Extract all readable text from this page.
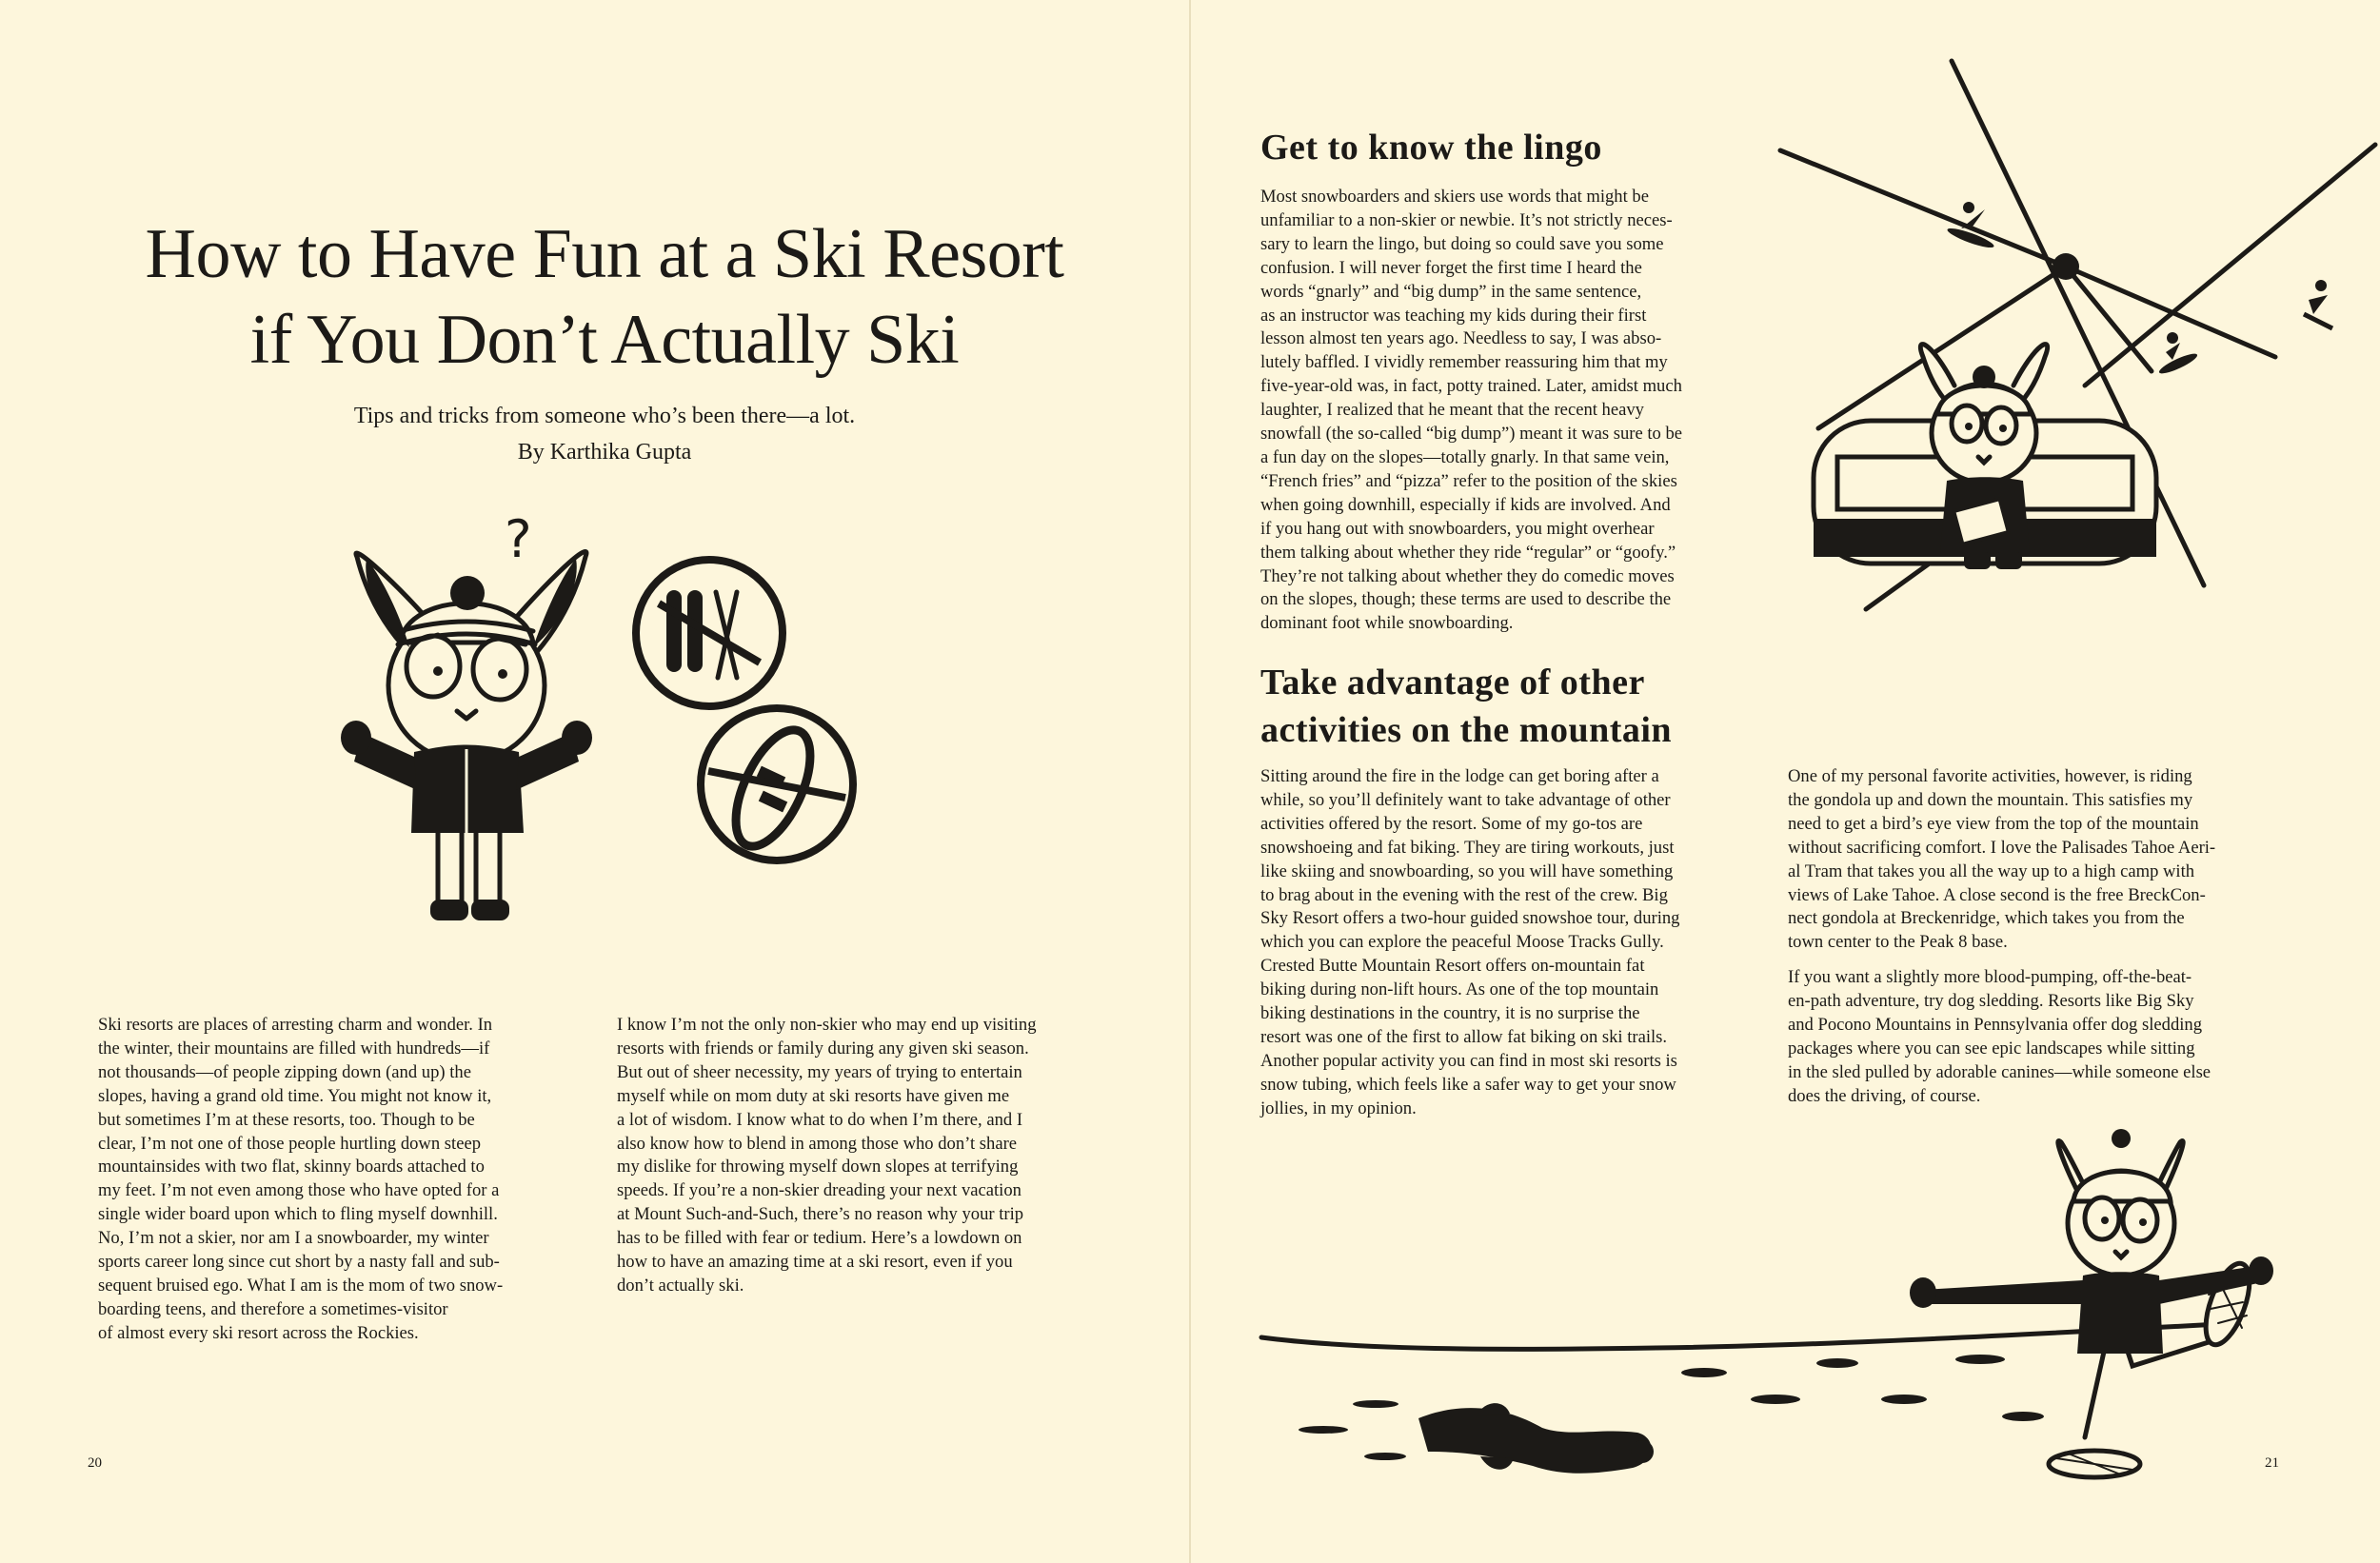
How to Have Fun at a Ski Resort
if You Don’t Actually Ski

Tips and tricks from someone who’s been there—a lot.

By Karthika Gupta

?

Ski resorts are places of arresting charm and wonder. In
the winter, their mountains are filled with hundreds—if
not thousands—of people zipping down (and up) the
slopes, having a grand old time. You might not know it,
but sometimes I’m at these resorts, too. Though to be
clear, I’m not one of those people hurtling down steep
mountainsides with two flat, skinny boards attached to
my feet. I’m not even among those who have opted for a
single wider board upon which to fling myself downhill.
No, I’m not a skier, nor am I a snowboarder, my winter
sports career long since cut short by a nasty fall and sub-
sequent bruised ego. What I am is the mom of two snow-
boarding teens, and therefore a sometimes-visitor
of almost every ski resort across the Rockies.

I know I’m not the only non-skier who may end up visiting
resorts with friends or family during any given ski season.
But out of sheer necessity, my years of trying to entertain
myself while on mom duty at ski resorts have given me
a lot of wisdom. I know what to do when I’m there, and I
also know how to blend in among those who don’t share
my dislike for throwing myself down slopes at terrifying
speeds. If you’re a non-skier dreading your next vacation
at Mount Such-and-Such, there’s no reason why your trip
has to be filled with fear or tedium. Here’s a lowdown on
how to have an amazing time at a ski resort, even if you
don’t actually ski.

20

Get to know the lingo

Most snowboarders and skiers use words that might be
unfamiliar to a non-skier or newbie. It’s not strictly neces-
sary to learn the lingo, but doing so could save you some
confusion. I will never forget the first time I heard the
words “gnarly” and “big dump” in the same sentence,
as an instructor was teaching my kids during their first
lesson almost ten years ago. Needless to say, I was abso-
lutely baffled. I vividly remember reassuring him that my
five-year-old was, in fact, potty trained. Later, amidst much
laughter, I realized that he meant that the recent heavy
snowfall (the so-called “big dump”) meant it was sure to be
a fun day on the slopes—totally gnarly. In that same vein,
“French fries” and “pizza” refer to the position of the skies
when going downhill, especially if kids are involved. And
if you hang out with snowboarders, you might overhear
them talking about whether they ride “regular” or “goofy.”
They’re not talking about whether they do comedic moves
on the slopes, though; these terms are used to describe the
dominant foot while snowboarding.

Take advantage of other
activities on the mountain

Sitting around the fire in the lodge can get boring after a
while, so you’ll definitely want to take advantage of other
activities offered by the resort. Some of my go-tos are
snowshoeing and fat biking. They are tiring workouts, just
like skiing and snowboarding, so you will have something
to brag about in the evening with the rest of the crew. Big
Sky Resort offers a two-hour guided snowshoe tour, during
which you can explore the peaceful Moose Tracks Gully.
Crested Butte Mountain Resort offers on-mountain fat
biking during non-lift hours. As one of the top mountain
biking destinations in the country, it is no surprise the
resort was one of the first to allow fat biking on ski trails.
Another popular activity you can find in most ski resorts is
snow tubing, which feels like a safer way to get your snow
jollies, in my opinion.

One of my personal favorite activities, however, is riding
the gondola up and down the mountain. This satisfies my
need to get a bird’s eye view from the top of the mountain
without sacrificing comfort. I love the Palisades Tahoe Aeri-
al Tram that takes you all the way up to a high camp with
views of Lake Tahoe. A close second is the free BreckCon-
nect gondola at Breckenridge, which takes you from the
town center to the Peak 8 base.
If you want a slightly more blood-pumping, off-the-beat-
en-path adventure, try dog sledding. Resorts like Big Sky
and Pocono Mountains in Pennsylvania offer dog sledding
packages where you can see epic landscapes while sitting
in the sled pulled by adorable canines—while someone else
does the driving, of course.

21
